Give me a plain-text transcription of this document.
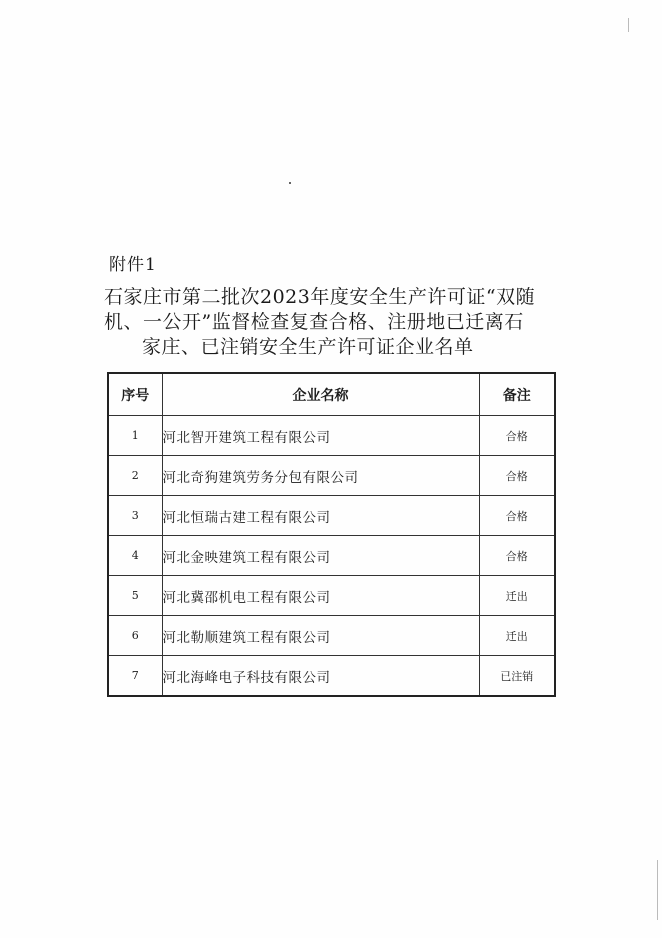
附件1
石家庄市第二批次2023年度安全生产许可证“双随
机、一公开”监督检查复查合格、注册地已迁离石
家庄、已注销安全生产许可证企业名单
序号	企业名称	备注
1	河北智开建筑工程有限公司	合格
2	河北奇狗建筑劳务分包有限公司	合格
3	河北恒瑞古建工程有限公司	合格
4	河北金映建筑工程有限公司	合格
5	河北冀邵机电工程有限公司	迁出
6	河北勒顺建筑工程有限公司	迁出
7	河北海峰电子科技有限公司	已注销
